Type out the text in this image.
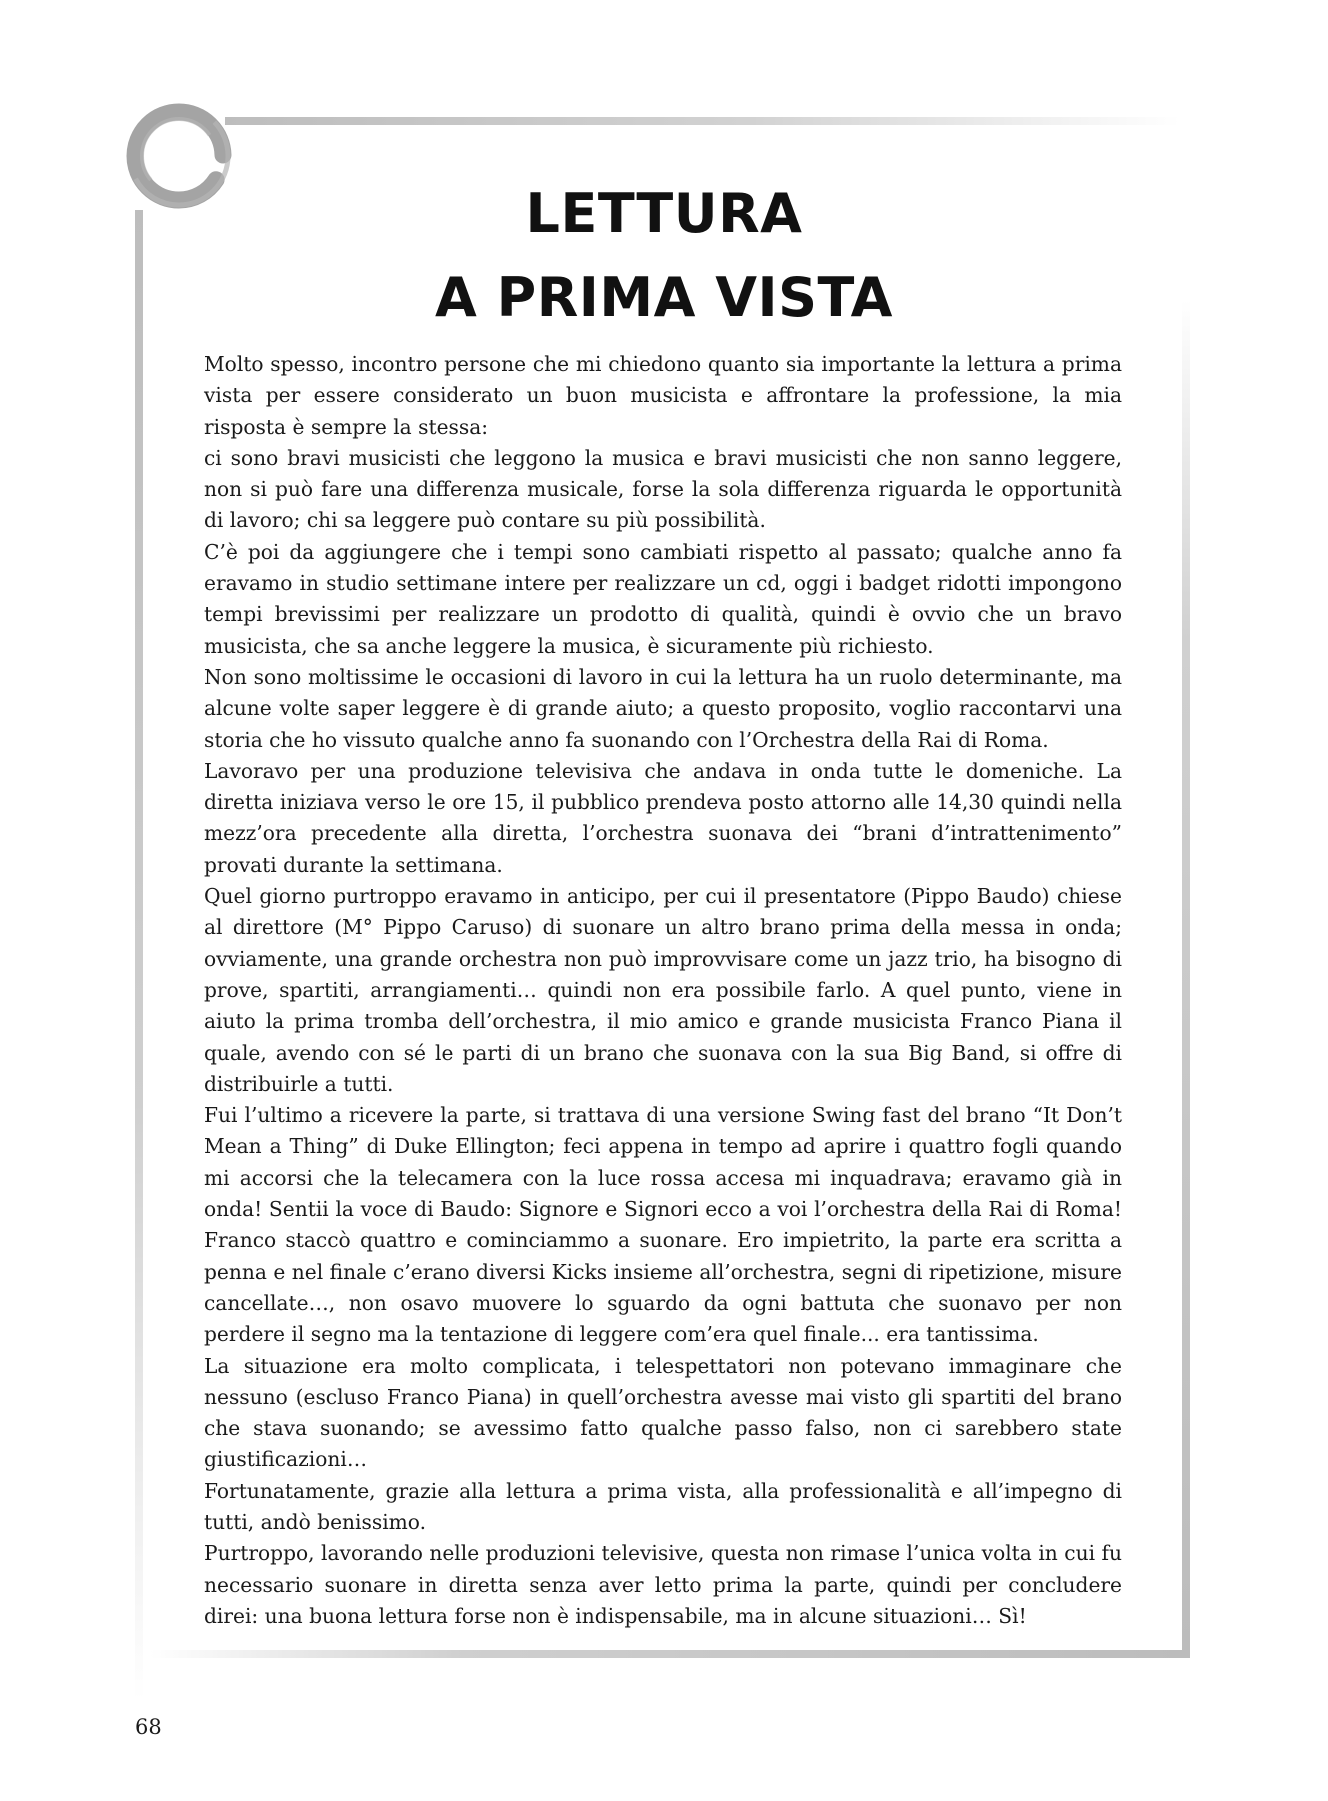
LETTURA
A PRIMA VISTA

Molto spesso, incontro persone che mi chiedono quanto sia importante la lettura a prima vista per essere considerato un buon musicista e affrontare la professione, la mia risposta è sempre la stessa:

ci sono bravi musicisti che leggono la musica e bravi musicisti che non sanno leggere, non si può fare una differenza musicale, forse la sola differenza riguarda le opportunità di lavoro; chi sa leggere può contare su più possibilità.

C’è poi da aggiungere che i tempi sono cambiati rispetto al passato; qualche anno fa eravamo in studio settimane intere per realizzare un cd, oggi i badget ridotti impongono tempi brevissimi per realizzare un prodotto di qualità, quindi è ovvio che un bravo musicista, che sa anche leggere la musica, è sicuramente più richiesto.

Non sono moltissime le occasioni di lavoro in cui la lettura ha un ruolo determinante, ma alcune volte saper leggere è di grande aiuto; a questo proposito, voglio raccontarvi una storia che ho vissuto qualche anno fa suonando con l’Orchestra della Rai di Roma.

Lavoravo per una produzione televisiva che andava in onda tutte le domeniche. La diretta iniziava verso le ore 15, il pubblico prendeva posto attorno alle 14,30 quindi nella mezz’ora precedente alla diretta, l’orchestra suonava dei “brani d’intrattenimento” provati durante la settimana.

Quel giorno purtroppo eravamo in anticipo, per cui il presentatore (Pippo Baudo) chiese al direttore (M° Pippo Caruso) di suonare un altro brano prima della messa in onda; ovviamente, una grande orchestra non può improvvisare come un jazz trio, ha bisogno di prove, spartiti, arrangiamenti… quindi non era possibile farlo. A quel punto, viene in aiuto la prima tromba dell’orchestra, il mio amico e grande musicista Franco Piana il quale, avendo con sé le parti di un brano che suonava con la sua Big Band, si offre di distribuirle a tutti.

Fui l’ultimo a ricevere la parte, si trattava di una versione Swing fast del brano “It Don’t Mean a Thing” di Duke Ellington; feci appena in tempo ad aprire i quattro fogli quando mi accorsi che la telecamera con la luce rossa accesa mi inquadrava; eravamo già in onda! Sentii la voce di Baudo: Signore e Signori ecco a voi l’orchestra della Rai di Roma! Franco staccò quattro e cominciammo a suonare. Ero impietrito, la parte era scritta a penna e nel finale c’erano diversi Kicks insieme all’orchestra, segni di ripetizione, misure cancellate…, non osavo muovere lo sguardo da ogni battuta che suonavo per non perdere il segno ma la tentazione di leggere com’era quel finale... era tantissima.

La situazione era molto complicata, i telespettatori non potevano immaginare che nessuno (escluso Franco Piana) in quell’orchestra avesse mai visto gli spartiti del brano che stava suonando; se avessimo fatto qualche passo falso, non ci sarebbero state giustificazioni…

Fortunatamente, grazie alla lettura a prima vista, alla professionalità e all’impegno di tutti, andò benissimo.

Purtroppo, lavorando nelle produzioni televisive, questa non rimase l’unica volta in cui fu necessario suonare in diretta senza aver letto prima la parte, quindi per concludere direi: una buona lettura forse non è indispensabile, ma in alcune situazioni… Sì!

68
